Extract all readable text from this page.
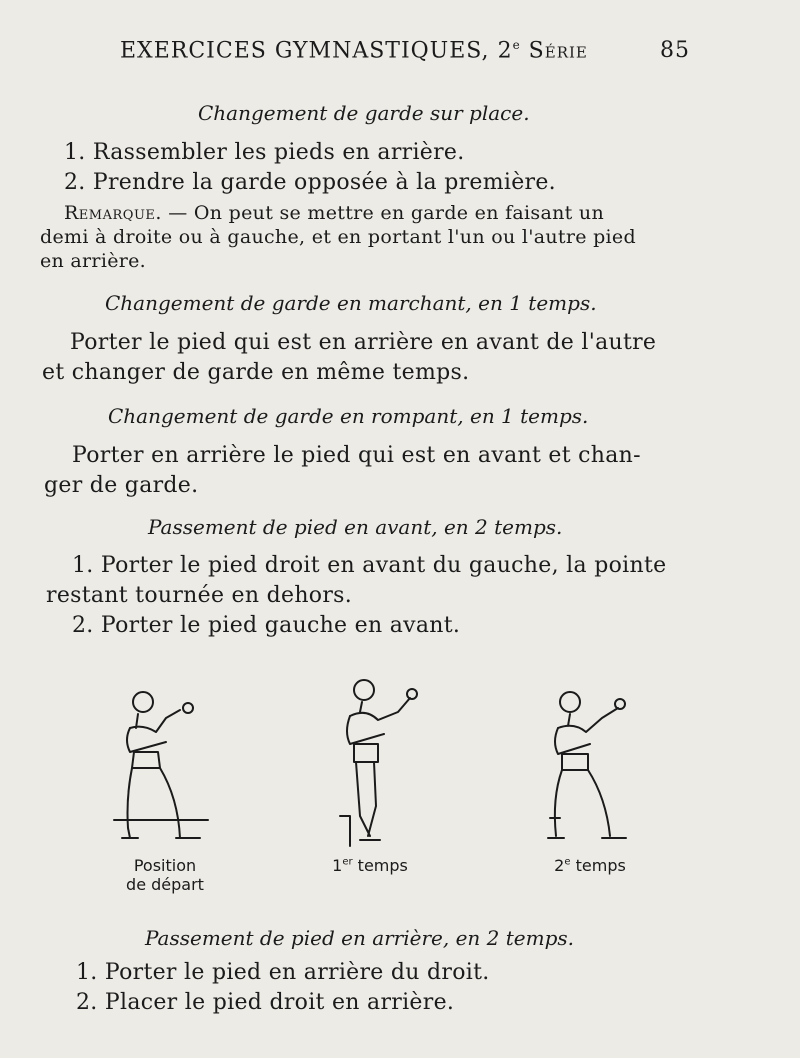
EXERCICES GYMNASTIQUES, 2e Série	85
Changement de garde sur place.
1. Rassembler les pieds en arrière.
2. Prendre la garde opposée à la première.
Remarque. — On peut se mettre en garde en faisant un
demi à droite ou à gauche, et en portant l'un ou l'autre pied
en arrière.
Changement de garde en marchant, en 1 temps.
Porter le pied qui est en arrière en avant de l'autre
et changer de garde en même temps.
Changement de garde en rompant, en 1 temps.
Porter en arrière le pied qui est en avant et chan-
ger de garde.
Passement de pied en avant, en 2 temps.
1. Porter le pied droit en avant du gauche, la pointe
restant tournée en dehors.
2. Porter le pied gauche en avant.
Position
de départ
1er temps	2e temps
Passement de pied en arrière, en 2 temps.
1. Porter le pied en arrière du droit.
2. Placer le pied droit en arrière.
